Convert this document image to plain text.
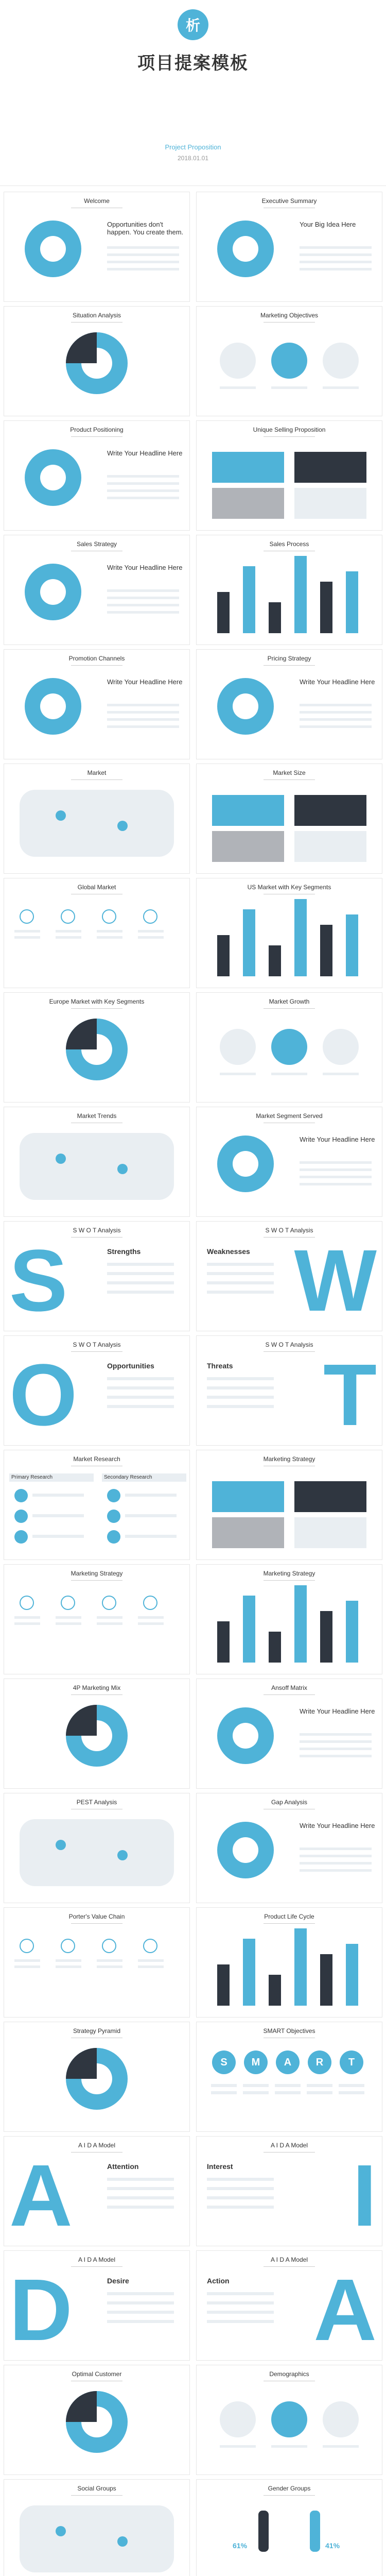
析
项目提案模板
Project Proposition
2018.01.01
Welcome
Opportunities don't happen. You create them.
Executive Summary
Your Big Idea Here
Situation Analysis	Marketing Objectives
Product Positioning
Write Your Headline Here
Unique Selling Proposition
Sales Strategy
Write Your Headline Here
Sales Process
Promotion Channels
Write Your Headline Here
Pricing Strategy
Write Your Headline Here
Market	Market Size
Global Market	US Market with Key Segments
Europe Market with Key Segments	Market Growth
Market Trends	Market Segment Served
Write Your Headline Here
S W O T Analysis
S	Strengths
S W O T Analysis
W
Weaknesses
S W O T Analysis
O	Opportunities
S W O T Analysis
T
Threats
Market Research
Primary Research	Secondary Research
Marketing Strategy
Marketing Strategy	Marketing Strategy
4P Marketing Mix	Ansoff Matrix
Write Your Headline Here
PEST Analysis	Gap Analysis
Write Your Headline Here
Porter's Value Chain	Product Life Cycle
Strategy Pyramid	SMART Objectives
S	M	A	R	T
A I D A Model
A	Attention
A I D A Model
I
Interest
A I D A Model
D	Desire
A I D A Model
A
Action
Optimal Customer	Demographics
Social Groups	Gender Groups
61%	41%
